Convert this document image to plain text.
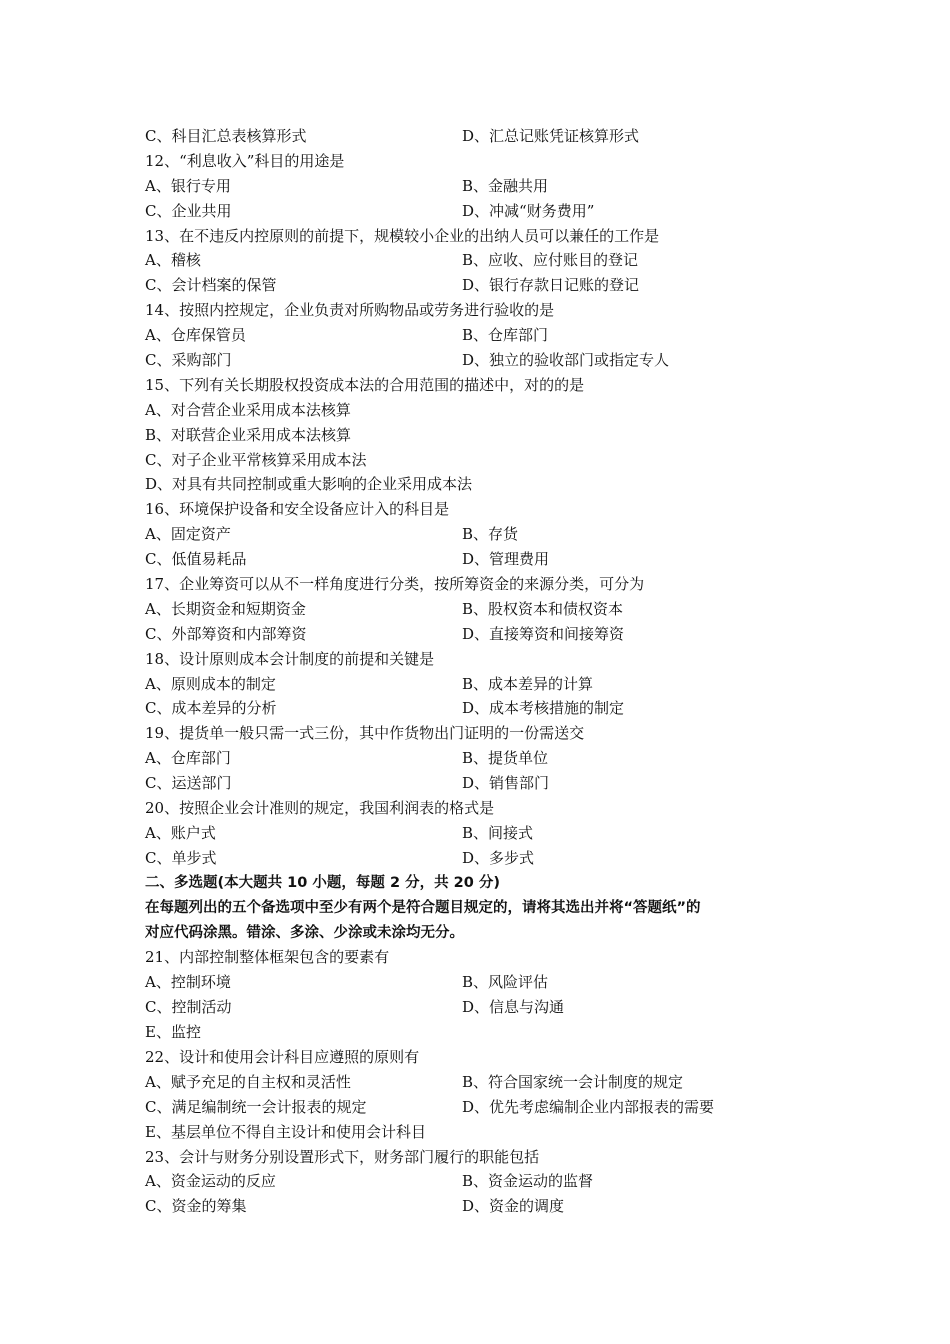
C、科目汇总表核算形式	D、汇总记账凭证核算形式
12、“利息收入”科目的用途是
A、银行专用	B、金融共用
C、企业共用	D、冲减“财务费用”
13、在不违反内控原则的前提下，规模较小企业的出纳人员可以兼任的工作是
A、稽核	B、应收、应付账目的登记
C、会计档案的保管	D、银行存款日记账的登记
14、按照内控规定，企业负责对所购物品或劳务进行验收的是
A、仓库保管员	B、仓库部门
C、采购部门	D、独立的验收部门或指定专人
15、下列有关长期股权投资成本法的合用范围的描述中，对的的是
A、对合营企业采用成本法核算
B、对联营企业采用成本法核算
C、对子企业平常核算采用成本法
D、对具有共同控制或重大影响的企业采用成本法
16、环境保护设备和安全设备应计入的科目是
A、固定资产	B、存货
C、低值易耗品	D、管理费用
17、企业筹资可以从不一样角度进行分类，按所筹资金的来源分类，可分为
A、长期资金和短期资金	B、股权资本和债权资本
C、外部筹资和内部筹资	D、直接筹资和间接筹资
18、设计原则成本会计制度的前提和关键是
A、原则成本的制定	B、成本差异的计算
C、成本差异的分析	D、成本考核措施的制定
19、提货单一般只需一式三份，其中作货物出门证明的一份需送交
A、仓库部门	B、提货单位
C、运送部门	D、销售部门
20、按照企业会计准则的规定，我国利润表的格式是
A、账户式	B、间接式
C、单步式	D、多步式
二、多选题(本大题共 10 小题，每题 2 分，共 20 分)
在每题列出的五个备选项中至少有两个是符合题目规定的，请将其选出并将“答题纸”的
对应代码涂黑。错涂、多涂、少涂或未涂均无分。
21、内部控制整体框架包含的要素有
A、控制环境	B、风险评估
C、控制活动	D、信息与沟通
E、监控
22、设计和使用会计科目应遵照的原则有
A、赋予充足的自主权和灵活性	B、符合国家统一会计制度的规定
C、满足编制统一会计报表的规定	D、优先考虑编制企业内部报表的需要
E、基层单位不得自主设计和使用会计科目
23、会计与财务分别设置形式下，财务部门履行的职能包括
A、资金运动的反应	B、资金运动的监督
C、资金的筹集	D、资金的调度
